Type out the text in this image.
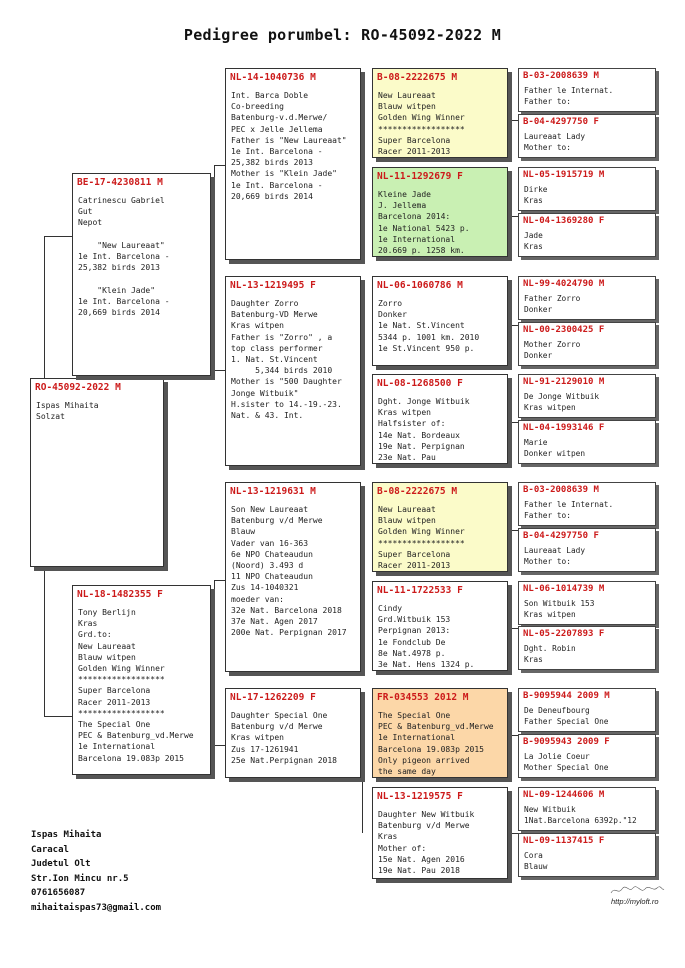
Pedigree porumbel: RO-45092-2022 M
RO-45092-2022 M
Ispas Mihaita
Solzat
BE-17-4230811 M
Catrinescu Gabriel
Gut
Nepot

"New Laureaat"
1e Int. Barcelona -
25,382 birds 2013

"Klein Jade"
1e Int. Barcelona -
20,669 birds 2014
NL-18-1482355 F
Tony Berlijn
Kras
Grd.to:
New Laureaat
Blauw witpen
Golden Wing Winner
******************
Super Barcelona
Racer 2011-2013
******************
The Special One
PEC & Batenburg_vd.Merwe
1e International
Barcelona 19.083p 2015
NL-14-1040736 M
Int. Barca Doble
Co-breeding
Batenburg-v.d.Merwe/
PEC x Jelle Jellema
Father is "New Laureaat"
1e Int. Barcelona -
25,382 birds 2013
Mother is "Klein Jade"
1e Int. Barcelona -
20,669 birds 2014
NL-13-1219495 F
Daughter Zorro
Batenburg-VD Merwe
Kras witpen
Father is "Zorro" , a
top class performer
1. Nat. St.Vincent
5,344 birds 2010
Mother is "500 Daughter
Jonge Witbuik"
H.sister to 14.-19.-23.
Nat. & 43. Int.
NL-13-1219631 M
Son New Laureaat
Batenburg v/d Merwe
Blauw
Vader van 16-363
6e NPO Chateaudun
(Noord) 3.493 d
11 NPO Chateaudun
Zus 14-1040321
moeder van:
32e Nat. Barcelona 2018
37e Nat. Agen 2017
200e Nat. Perpignan 2017
NL-17-1262209 F
Daughter Special One
Batenburg v/d Merwe
Kras witpen
Zus 17-1261941
25e Nat.Perpignan 2018
B-08-2222675 M
New Laureaat
Blauw witpen
Golden Wing Winner
******************
Super Barcelona
Racer 2011-2013
NL-11-1292679 F
Kleine Jade
J. Jellema
Barcelona 2014:
1e National 5423 p.
1e International
20.669 p. 1258 km.
NL-06-1060786 M
Zorro
Donker
1e Nat. St.Vincent
5344 p. 1001 km. 2010
1e St.Vincent 950 p.
NL-08-1268500 F
Dght. Jonge Witbuik
Kras witpen
Halfsister of:
14e Nat. Bordeaux
19e Nat. Perpignan
23e Nat. Pau
B-08-2222675 M
New Laureaat
Blauw witpen
Golden Wing Winner
******************
Super Barcelona
Racer 2011-2013
NL-11-1722533 F
Cindy
Grd.Witbuik 153
Perpignan 2013:
1e Fondclub De
8e Nat.4978 p.
3e Nat. Hens 1324 p.
FR-034553 2012 M
The Special One
PEC & Batenburg_vd.Merwe
1e International
Barcelona 19.083p 2015
Only pigeon arrived
the same day
NL-13-1219575 F
Daughter New Witbuik
Batenburg v/d Merwe
Kras
Mother of:
15e Nat. Agen 2016
19e Nat. Pau 2018
B-03-2008639 M
Father le Internat.
Father to:
B-04-4297750 F
Laureaat Lady
Mother to:
NL-05-1915719 M
Dirke
Kras
NL-04-1369280 F
Jade
Kras
NL-99-4024790 M
Father Zorro
Donker
NL-00-2300425 F
Mother Zorro
Donker
NL-91-2129010 M
De Jonge Witbuik
Kras witpen
NL-04-1993146 F
Marie
Donker witpen
B-03-2008639 M
Father le Internat.
Father to:
B-04-4297750 F
Laureaat Lady
Mother to:
NL-06-1014739 M
Son Witbuik 153
Kras witpen
NL-05-2207893 F
Dght. Robin
Kras
B-9095944 2009 M
De Deneufbourg
Father Special One
B-9095943 2009 F
La Jolie Coeur
Mother Special One
NL-09-1244606 M
New Witbuik
1Nat.Barcelona 6392p."12
NL-09-1137415 F
Cora
Blauw
Ispas Mihaita
Caracal
Judetul Olt
Str.Ion Mincu nr.5
0761656087
mihaitaispas73@gmail.com
http://myloft.ro
